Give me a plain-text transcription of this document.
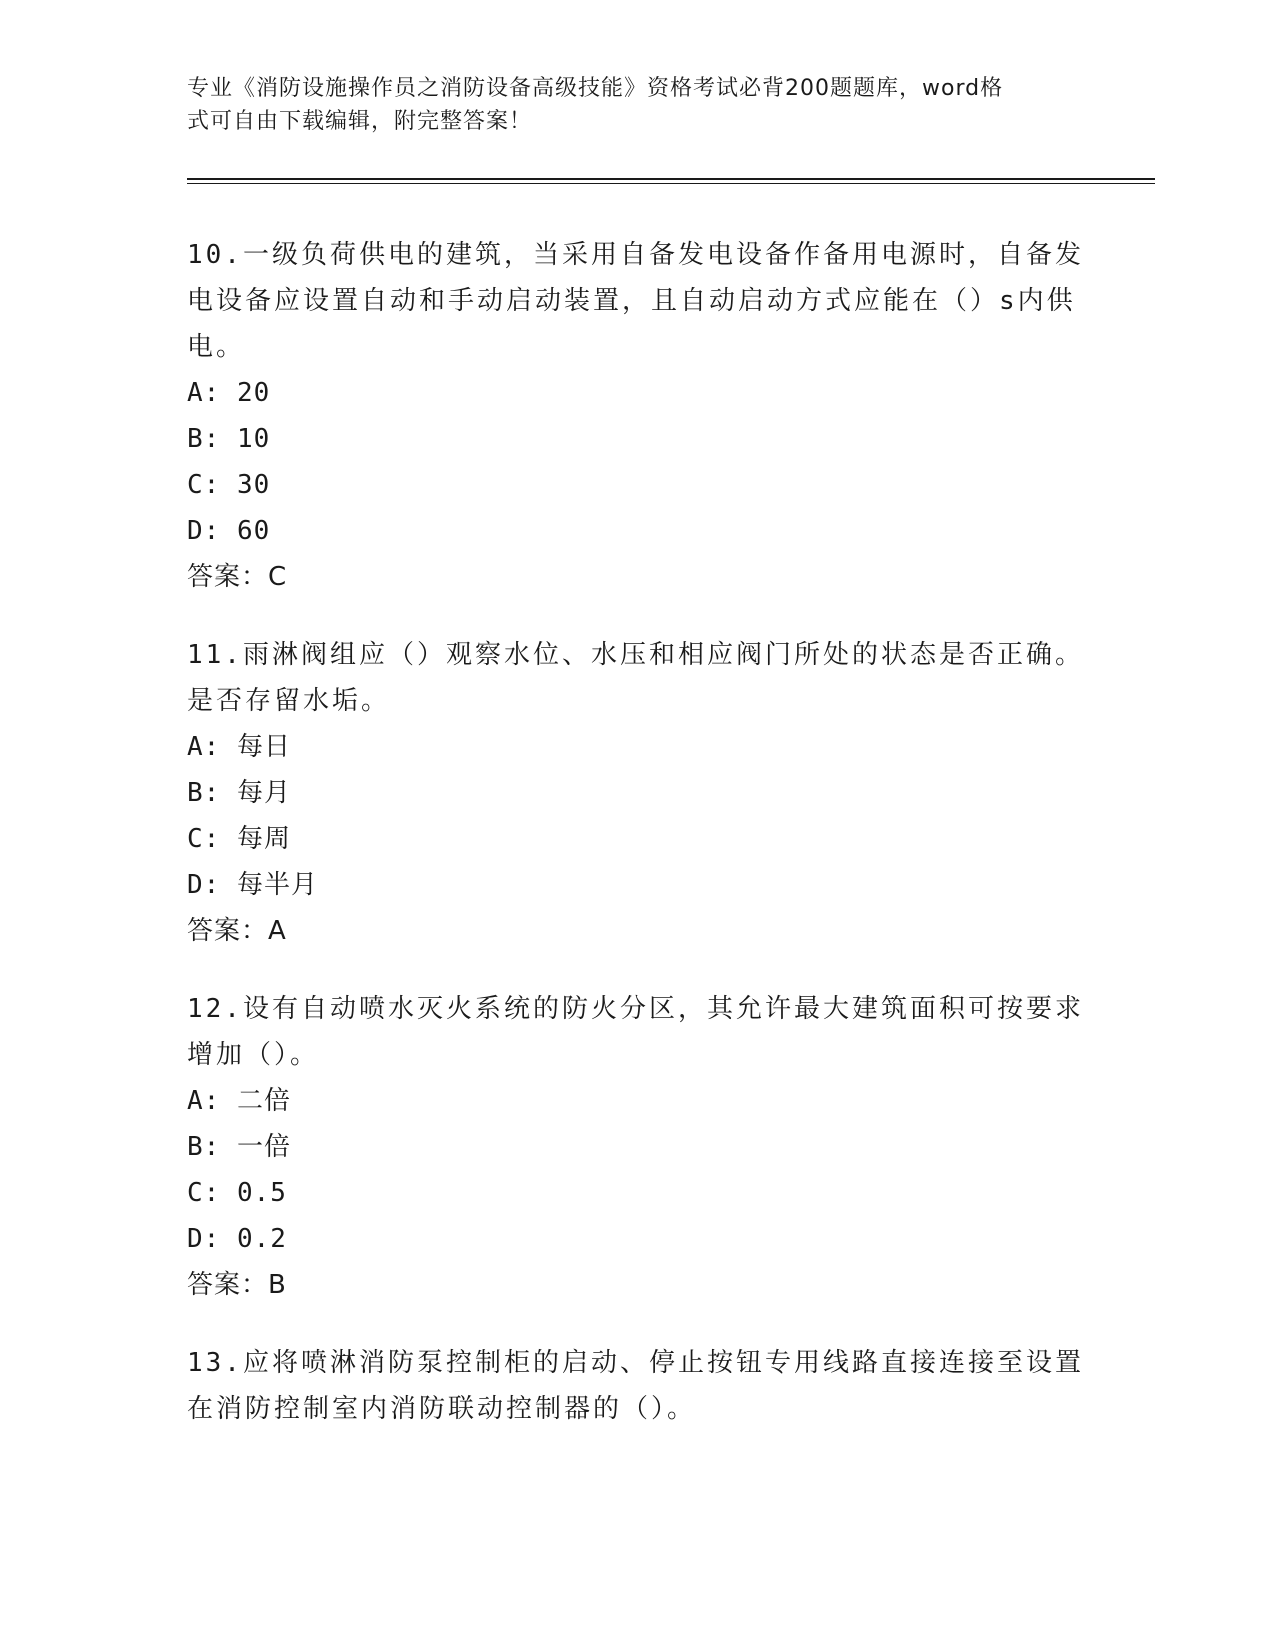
专业《消防设施操作员之消防设备高级技能》资格考试必背200题题库，word格
式可自由下载编辑，附完整答案！

10.一级负荷供电的建筑，当采用自备发电设备作备用电源时，自备发

电设备应设置自动和手动启动装置，且自动启动方式应能在（）s内供

电。

A: 20

B: 10

C: 30

D: 60

答案：C

11.雨淋阀组应（）观察水位、水压和相应阀门所处的状态是否正确。

是否存留水垢。

A: 每日

B: 每月

C: 每周

D: 每半月

答案：A

12.设有自动喷水灭火系统的防火分区，其允许最大建筑面积可按要求

增加（）。

A: 二倍

B: 一倍

C: 0.5

D: 0.2

答案：B

13.应将喷淋消防泵控制柜的启动、停止按钮专用线路直接连接至设置

在消防控制室内消防联动控制器的（）。
